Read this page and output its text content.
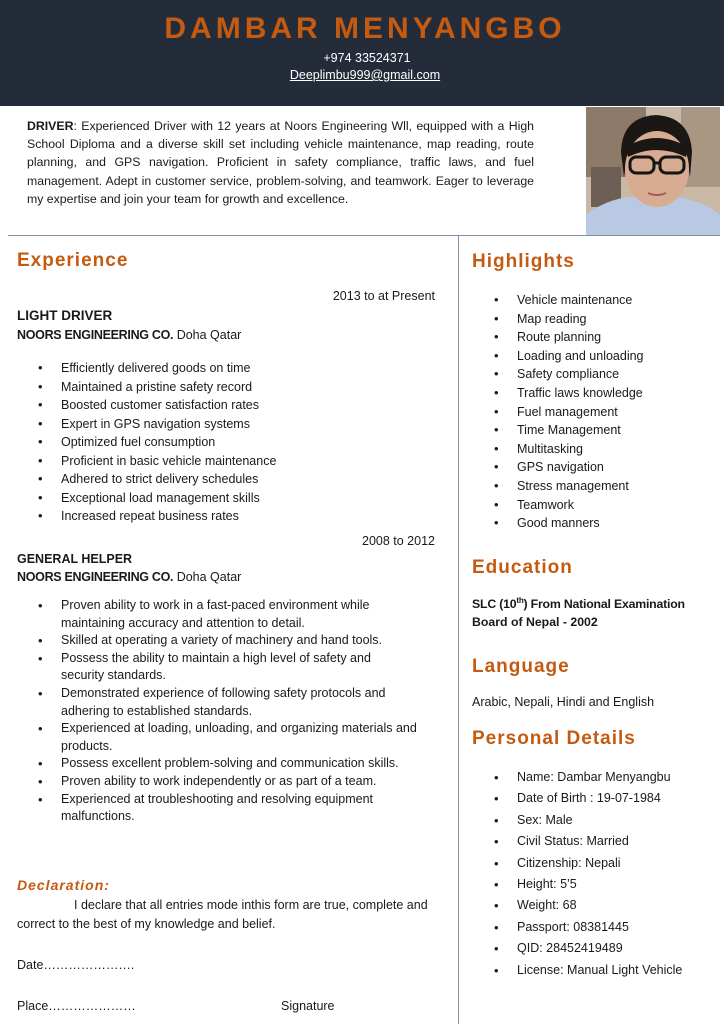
DAMBAR MENYANGBO
+974 33524371
Deeplimbu999@gmail.com
DRIVER: Experienced Driver with 12 years at Noors Engineering Wll, equipped with a High School Diploma and a diverse skill set including vehicle maintenance, map reading, route planning, and GPS navigation. Proficient in safety compliance, traffic laws, and fuel management. Adept in customer service, problem-solving, and teamwork. Eager to leverage my expertise and join your team for growth and excellence.
Experience
2013 to at Present
LIGHT DRIVER
NOORS ENGINEERING CO. Doha Qatar
• Efficiently delivered goods on time
• Maintained a pristine safety record
• Boosted customer satisfaction rates
• Expert in GPS navigation systems
• Optimized fuel consumption
• Proficient in basic vehicle maintenance
• Adhered to strict delivery schedules
• Exceptional load management skills
• Increased repeat business rates
2008 to 2012
GENERAL HELPER
NOORS ENGINEERING CO. Doha Qatar
• Proven ability to work in a fast-paced environment while maintaining accuracy and attention to detail.
• Skilled at operating a variety of machinery and hand tools.
• Possess the ability to maintain a high level of safety and security standards.
• Demonstrated experience of following safety protocols and adhering to established standards.
• Experienced at loading, unloading, and organizing materials and products.
• Possess excellent problem-solving and communication skills.
• Proven ability to work independently or as part of a team.
• Experienced at troubleshooting and resolving equipment malfunctions.
Declaration:
I declare that all entries mode inthis form are true, complete and correct to the best of my knowledge and belief.
Date………………….
Place…………………	Signature
Highlights
• Vehicle maintenance
• Map reading
• Route planning
• Loading and unloading
• Safety compliance
• Traffic laws knowledge
• Fuel management
• Time Management
• Multitasking
• GPS navigation
• Stress management
• Teamwork
• Good manners
Education
SLC (10th) From National Examination
Board of Nepal - 2002
Language
Arabic, Nepali, Hindi and English
Personal Details
• Name: Dambar Menyangbu
• Date of Birth : 19-07-1984
• Sex: Male
• Civil Status: Married
• Citizenship: Nepali
• Height: 5’5
• Weight: 68
• Passport: 08381445
• QID: 28452419489
• License: Manual Light Vehicle
